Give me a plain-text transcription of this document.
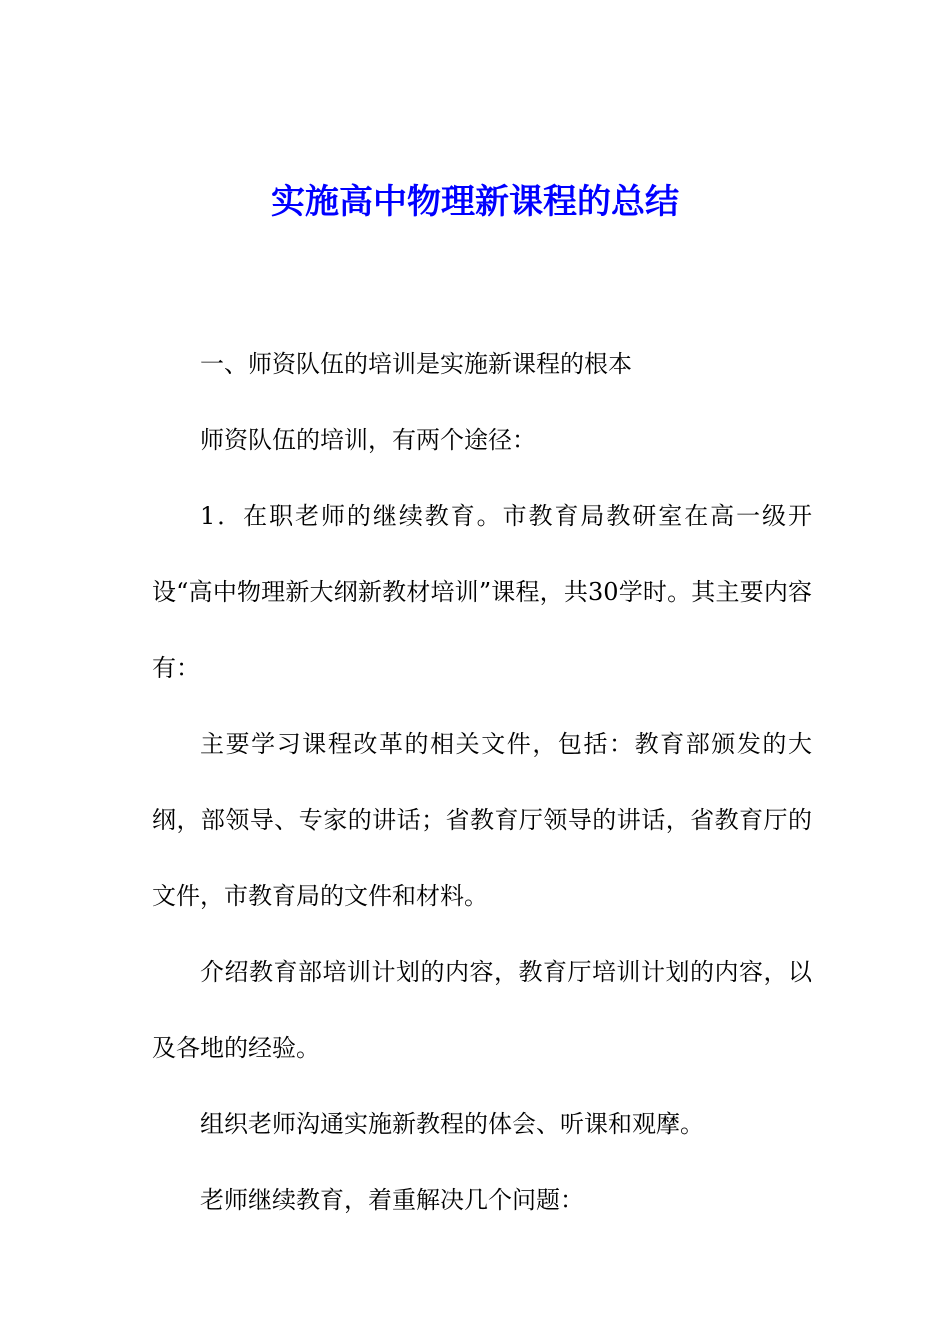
实施高中物理新课程的总结

一、师资队伍的培训是实施新课程的根本

师资队伍的培训，有两个途径：

1．在职老师的继续教育。市教育局教研室在高一级开设“高中物理新大纲新教材培训”课程，共30学时。其主要内容有：

主要学习课程改革的相关文件，包括：教育部颁发的大纲，部领导、专家的讲话；省教育厅领导的讲话，省教育厅的文件，市教育局的文件和材料。

介绍教育部培训计划的内容，教育厅培训计划的内容，以及各地的经验。

组织老师沟通实施新教程的体会、听课和观摩。

老师继续教育，着重解决几个问题：
